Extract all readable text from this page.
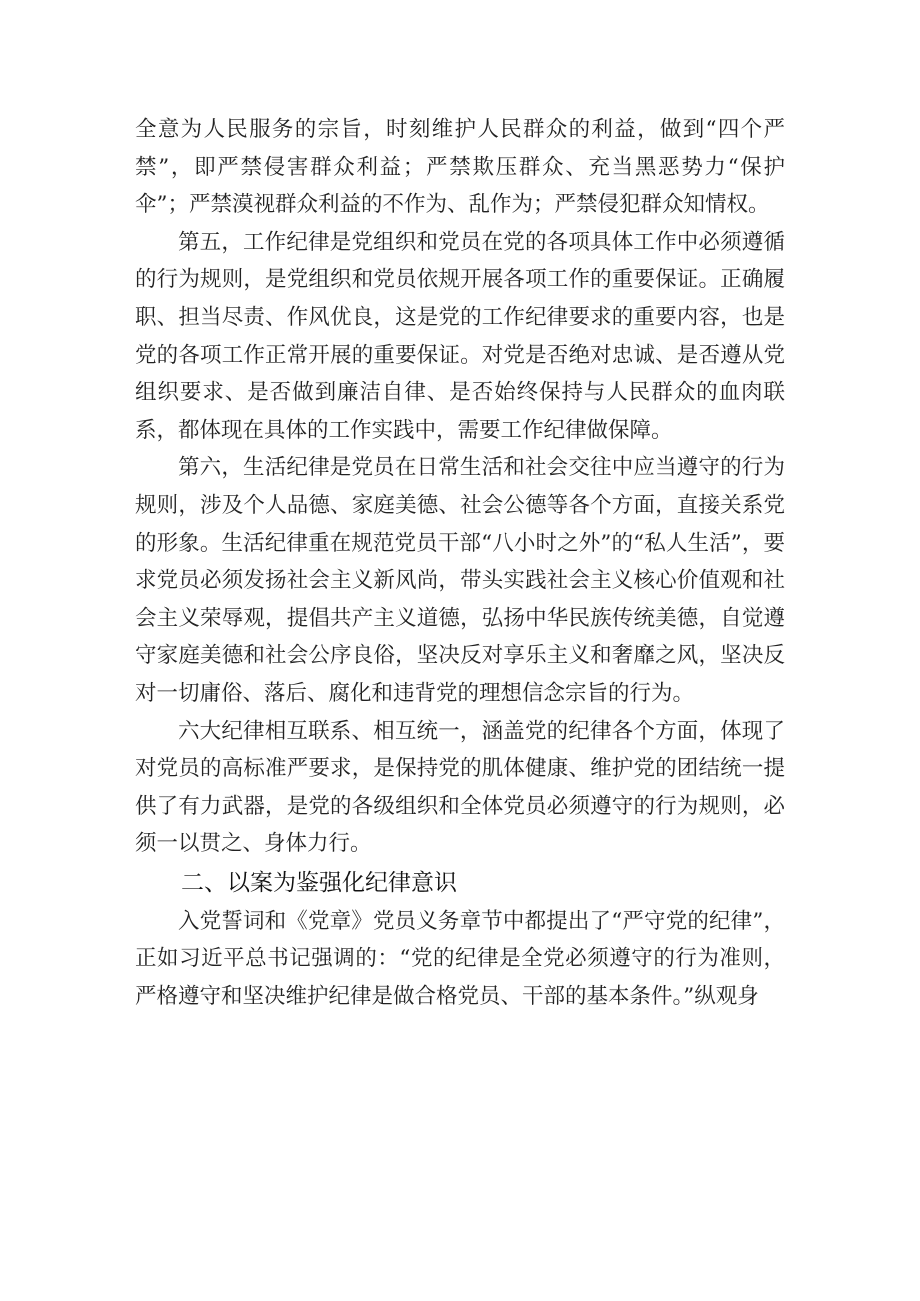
全意为人民服务的宗旨，时刻维护人民群众的利益，做到“四个严禁”，即严禁侵害群众利益；严禁欺压群众、充当黑恶势力“保护伞”；严禁漠视群众利益的不作为、乱作为；严禁侵犯群众知情权。

第五，工作纪律是党组织和党员在党的各项具体工作中必须遵循的行为规则，是党组织和党员依规开展各项工作的重要保证。正确履职、担当尽责、作风优良，这是党的工作纪律要求的重要内容，也是党的各项工作正常开展的重要保证。对党是否绝对忠诚、是否遵从党组织要求、是否做到廉洁自律、是否始终保持与人民群众的血肉联系，都体现在具体的工作实践中，需要工作纪律做保障。

第六，生活纪律是党员在日常生活和社会交往中应当遵守的行为规则，涉及个人品德、家庭美德、社会公德等各个方面，直接关系党的形象。生活纪律重在规范党员干部“八小时之外”的“私人生活”，要求党员必须发扬社会主义新风尚，带头实践社会主义核心价值观和社会主义荣辱观，提倡共产主义道德，弘扬中华民族传统美德，自觉遵守家庭美德和社会公序良俗，坚决反对享乐主义和奢靡之风，坚决反对一切庸俗、落后、腐化和违背党的理想信念宗旨的行为。

六大纪律相互联系、相互统一，涵盖党的纪律各个方面，体现了对党员的高标准严要求，是保持党的肌体健康、维护党的团结统一提供了有力武器，是党的各级组织和全体党员必须遵守的行为规则，必须一以贯之、身体力行。

二、以案为鉴强化纪律意识

入党誓词和《党章》党员义务章节中都提出了“严守党的纪律”，正如习近平总书记强调的：“党的纪律是全党必须遵守的行为准则，严格遵守和坚决维护纪律是做合格党员、干部的基本条件。”纵观身
